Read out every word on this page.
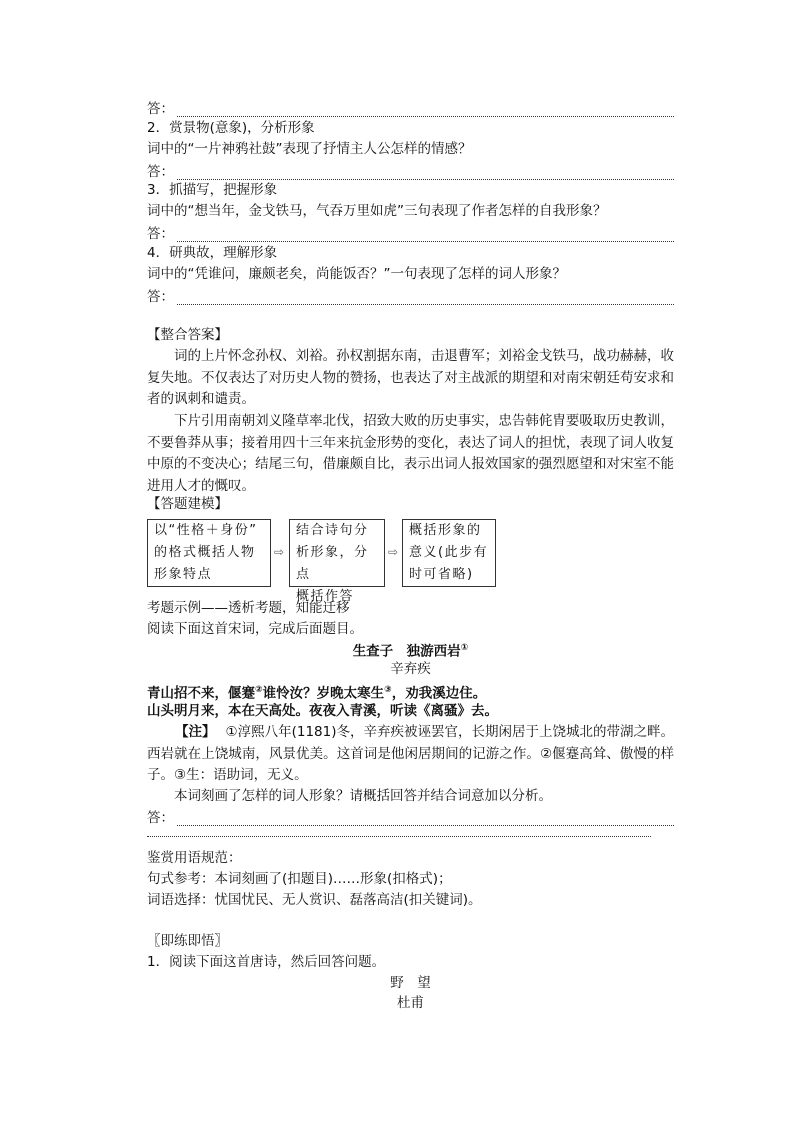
答：
2．赏景物(意象)，分析形象
词中的“一片神鸦社鼓”表现了抒情主人公怎样的情感？
答：
3．抓描写，把握形象
词中的“想当年，金戈铁马，气吞万里如虎”三句表现了作者怎样的自我形象？
答：
4．研典故，理解形象
词中的“凭谁问，廉颇老矣，尚能饭否？”一句表现了怎样的词人形象？
答：
【整合答案】
词的上片怀念孙权、刘裕。孙权割据东南，击退曹军；刘裕金戈铁马，战功赫赫，收复失地。不仅表达了对历史人物的赞扬，也表达了对主战派的期望和对南宋朝廷苟安求和者的讽刺和谴责。
下片引用南朝刘义隆草率北伐，招致大败的历史事实，忠告韩侂胄要吸取历史教训，不要鲁莽从事；接着用四十三年来抗金形势的变化，表达了词人的担忧，表现了词人收复中原的不变决心；结尾三句，借廉颇自比，表示出词人报效国家的强烈愿望和对宋室不能进用人才的慨叹。
【答题建模】
以“性格＋身份”
的格式概括人物
形象特点
⇨
结合诗句分
析形象，分点
概括作答
⇨
概括形象的
意义(此步有
时可省略)
考题示例——透析考题，知能迁移
阅读下面这首宋词，完成后面题目。
生查子　独游西岩①
辛弃疾
青山招不来，偃蹇②谁怜汝？岁晚太寒生③，劝我溪边住。
山头明月来，本在天高处。夜夜入青溪，听读《离骚》去。
【注】 ①淳熙八年(1181)冬，辛弃疾被诬罢官，长期闲居于上饶城北的带湖之畔。西岩就在上饶城南，风景优美。这首词是他闲居期间的记游之作。②偃蹇高耸、傲慢的样子。③生：语助词，无义。
本词刻画了怎样的词人形象？请概括回答并结合词意加以分析。
答：
鉴赏用语规范：
句式参考：本词刻画了(扣题目)……形象(扣格式)；
词语选择：忧国忧民、无人赏识、磊落高洁(扣关键词)。
〖即练即悟〗
1．阅读下面这首唐诗，然后回答问题。
野　望
杜甫
